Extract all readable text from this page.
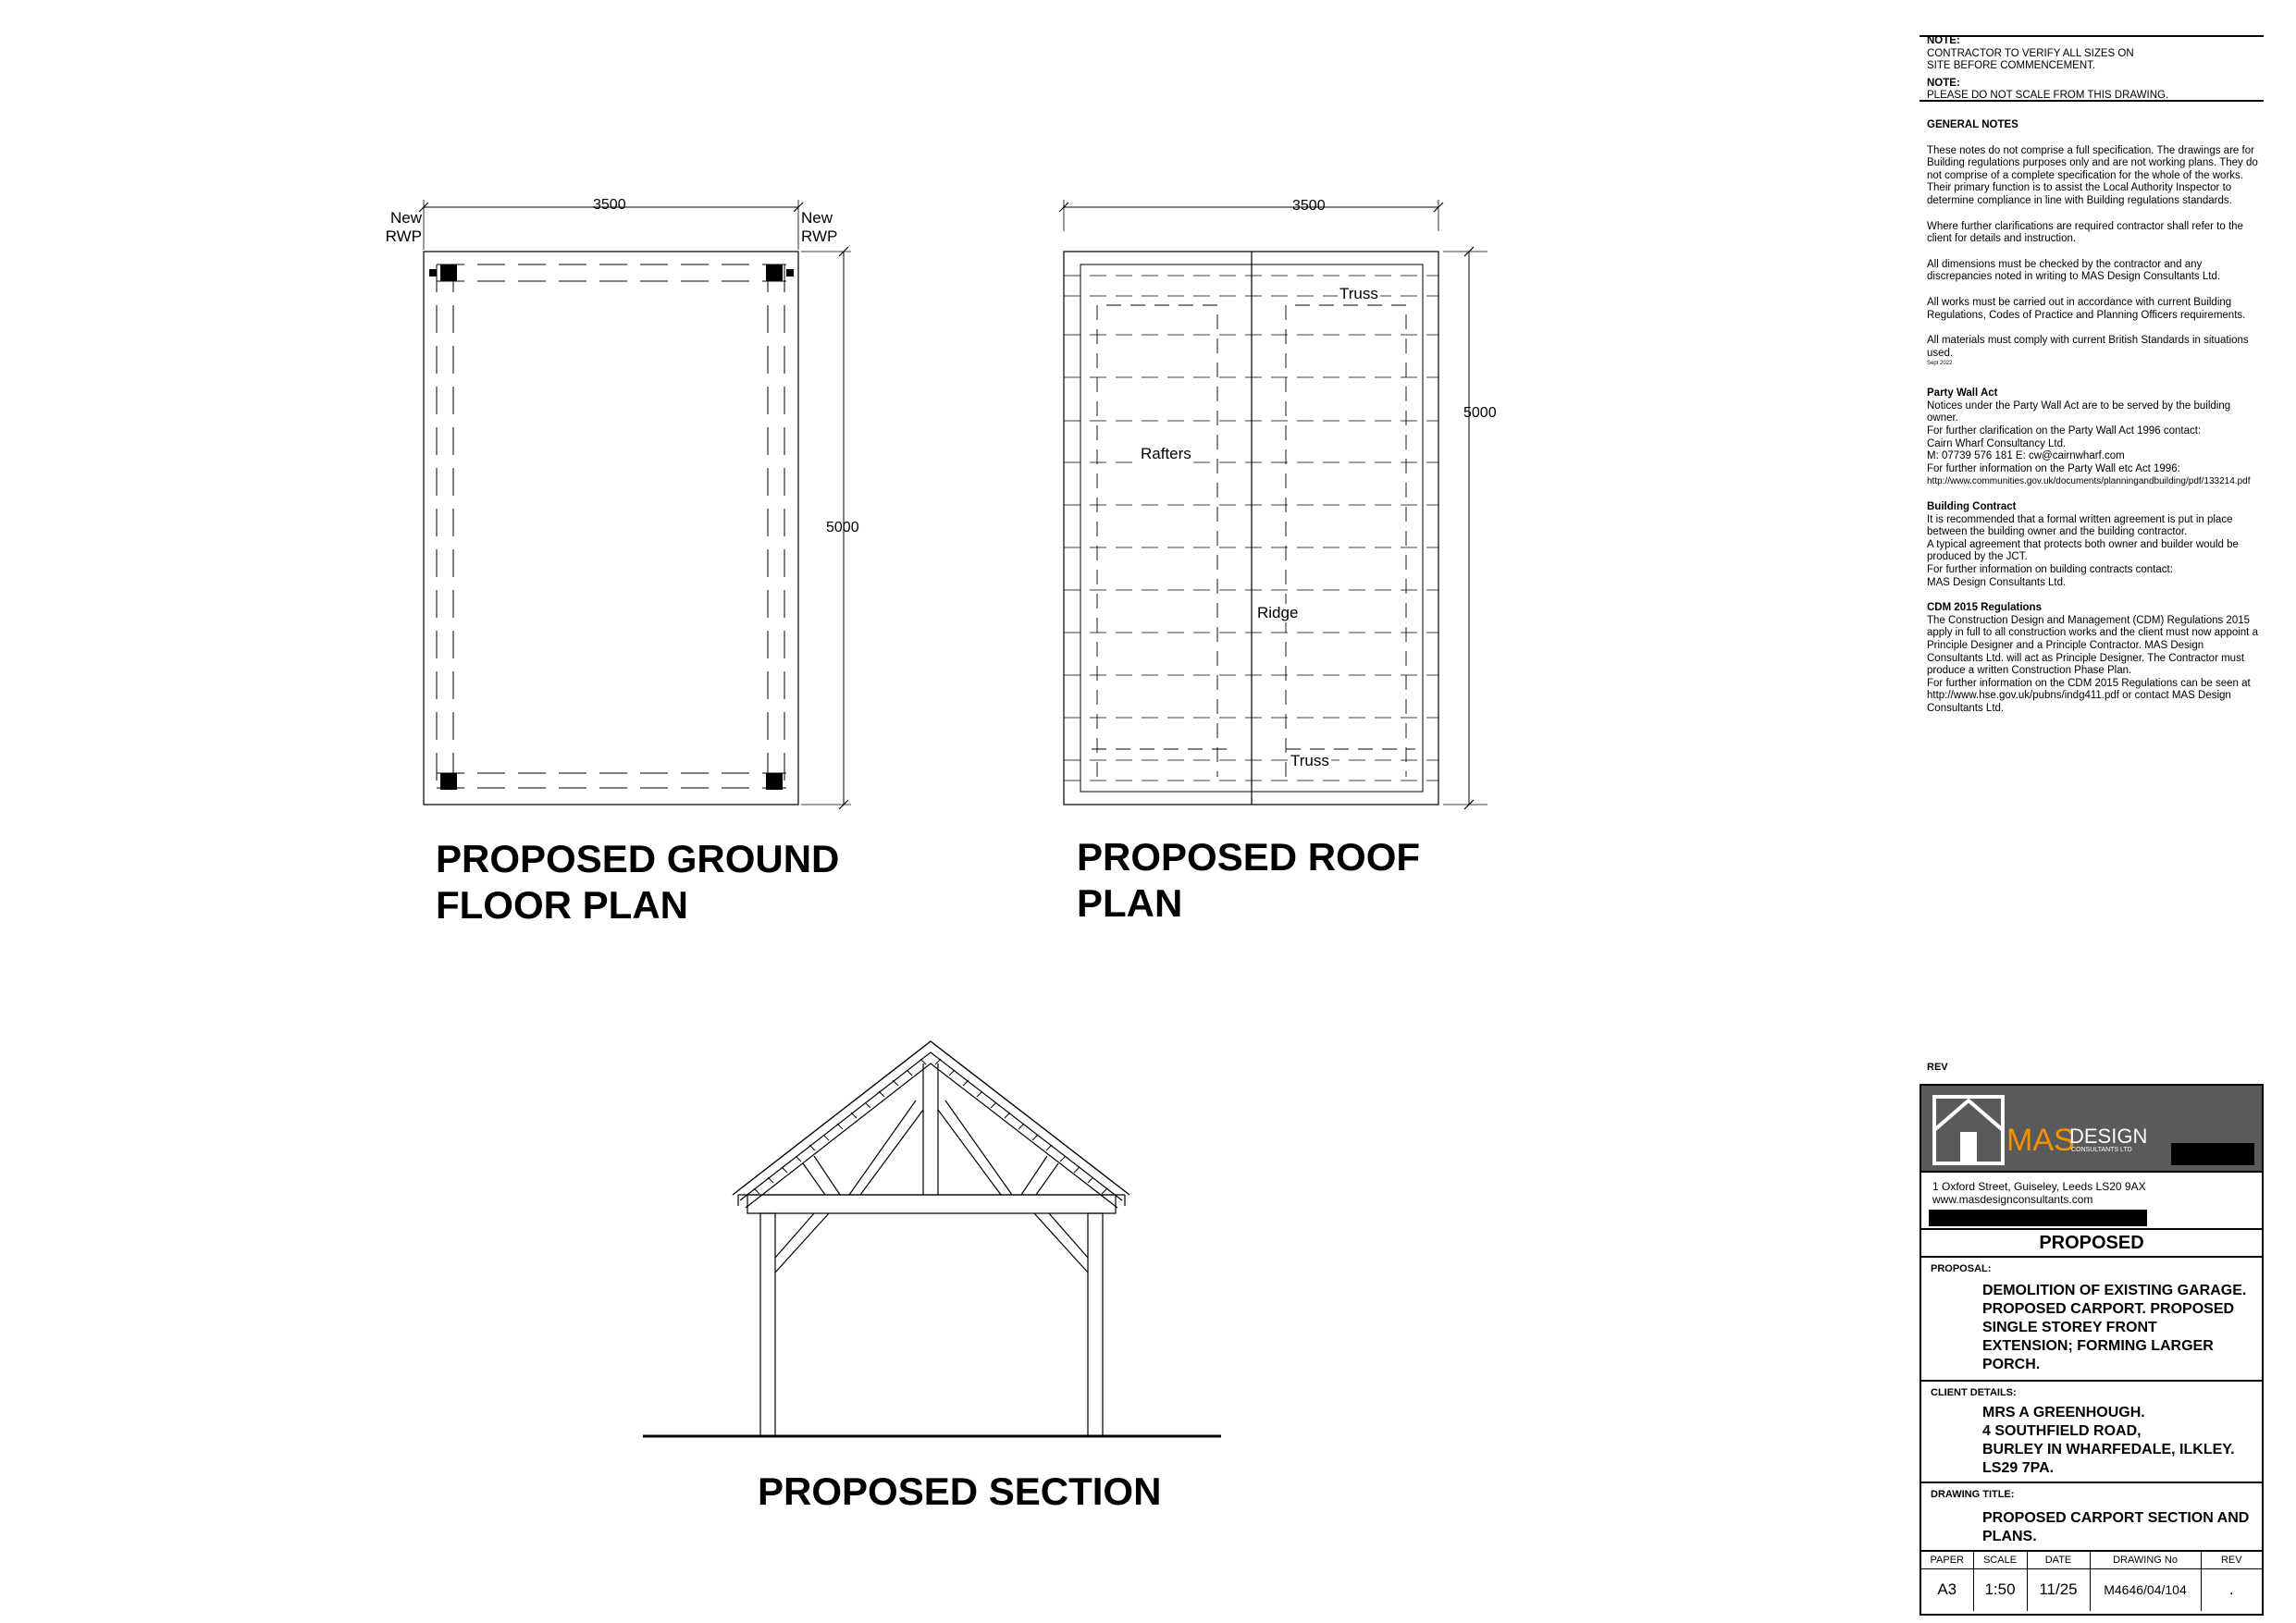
3500
5000
New RWP
New RWP
PROPOSED GROUND FLOOR PLAN
3500
5000
Truss
Rafters
Ridge
Truss
PROPOSED ROOF PLAN
PROPOSED SECTION

NOTE:

CONTRACTOR TO VERIFY ALL SIZES ON SITE BEFORE COMMENCEMENT.

NOTE:

PLEASE DO NOT SCALE FROM THIS DRAWING.

GENERAL NOTES

These notes do not comprise a full specification. The drawings are for Building regulations purposes only and are not working plans. They do not comprise of a complete specification for the whole of the works. Their primary function is to assist the Local Authority Inspector to determine compliance in line with Building regulations standards.

Where further clarifications are required contractor shall refer to the client for details and instruction.

All dimensions must be checked by the contractor and any discrepancies noted in writing to MAS Design Consultants Ltd.

All works must be carried out in accordance with current Building Regulations, Codes of Practice and Planning Officers requirements.

All materials must comply with current British Standards in situations used.

Sept 2022

Party Wall Act

Notices under the Party Wall Act are to be served by the building owner.

For further clarification on the Party Wall Act 1996 contact:

Cairn Wharf Consultancy Ltd.

M: 07739 576 181 E: cw@cairnwharf.com

For further information on the Party Wall etc Act 1996:

http://www.communities.gov.uk/documents/planningandbuilding/pdf/133214.pdf

Building Contract

It is recommended that a formal written agreement is put in place between the building owner and the building contractor.

A typical agreement that protects both owner and builder would be produced by the JCT.

For further information on building contracts contact:

MAS Design Consultants Ltd.

CDM 2015 Regulations

The Construction Design and Management (CDM) Regulations 2015 apply in full to all construction works and the client must now appoint a Principle Designer and a Principle Contractor. MAS Design Consultants Ltd. will act as Principle Designer. The Contractor must produce a written Construction Phase Plan.

For further information on the CDM 2015 Regulations can be seen at http://www.hse.gov.uk/pubns/indg411.pdf or contact MAS Design Consultants Ltd.

REV
MAS
DESIGN
CONSULTANTS LTD
1 Oxford Street, Guiseley, Leeds LS20 9AX
www.masdesignconsultants.com
PROPOSED
PROPOSAL:
DEMOLITION OF EXISTING GARAGE. PROPOSED CARPORT. PROPOSED SINGLE STOREY FRONT EXTENSION; FORMING LARGER PORCH.
CLIENT DETAILS:
MRS A GREENHOUGH.
4 SOUTHFIELD ROAD,
BURLEY IN WHARFEDALE, ILKLEY.
LS29 7PA.
DRAWING TITLE:
PROPOSED CARPORT SECTION AND PLANS.
PAPER	SCALE	DATE	DRAWING No	REV
A3	1:50	11/25	M4646/04/104	.
